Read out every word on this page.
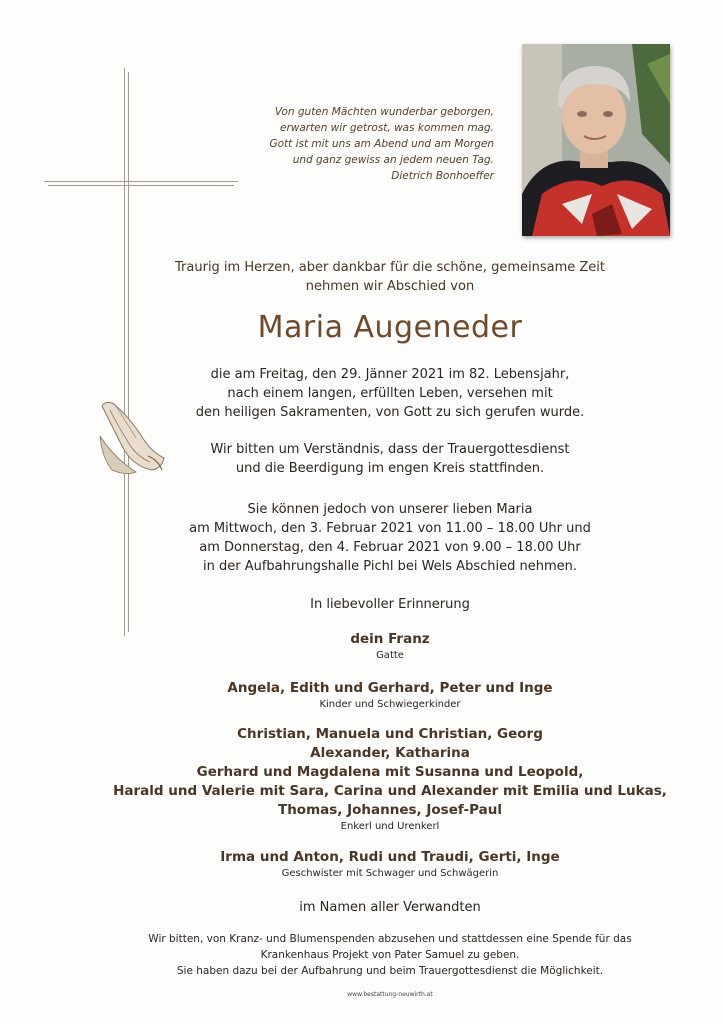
Von guten Mächten wunderbar geborgen,
erwarten wir getrost, was kommen mag.
Gott ist mit uns am Abend und am Morgen
und ganz gewiss an jedem neuen Tag.
Dietrich Bonhoeffer
Traurig im Herzen, aber dankbar für die schöne, gemeinsame Zeit
nehmen wir Abschied von
Maria Augeneder
die am Freitag, den 29. Jänner 2021 im 82. Lebensjahr,
nach einem langen, erfüllten Leben, versehen mit
den heiligen Sakramenten, von Gott zu sich gerufen wurde.
Wir bitten um Verständnis, dass der Trauergottesdienst
und die Beerdigung im engen Kreis stattfinden.
Sie können jedoch von unserer lieben Maria
am Mittwoch, den 3. Februar 2021 von 11.00 – 18.00 Uhr und
am Donnerstag, den 4. Februar 2021 von 9.00 – 18.00 Uhr
in der Aufbahrungshalle Pichl bei Wels Abschied nehmen.
In liebevoller Erinnerung
dein Franz
Gatte
Angela, Edith und Gerhard, Peter und Inge
Kinder und Schwiegerkinder
Christian, Manuela und Christian, Georg
Alexander, Katharina
Gerhard und Magdalena mit Susanna und Leopold,
Harald und Valerie mit Sara, Carina und Alexander mit Emilia und Lukas,
Thomas, Johannes, Josef-Paul
Enkerl und Urenkerl
Irma und Anton, Rudi und Traudi, Gerti, Inge
Geschwister mit Schwager und Schwägerin
im Namen aller Verwandten
Wir bitten, von Kranz- und Blumenspenden abzusehen und stattdessen eine Spende für das
Krankenhaus Projekt von Pater Samuel zu geben.
Sie haben dazu bei der Aufbahrung und beim Trauergottesdienst die Möglichkeit.
www.bestattung-neuwirth.at
